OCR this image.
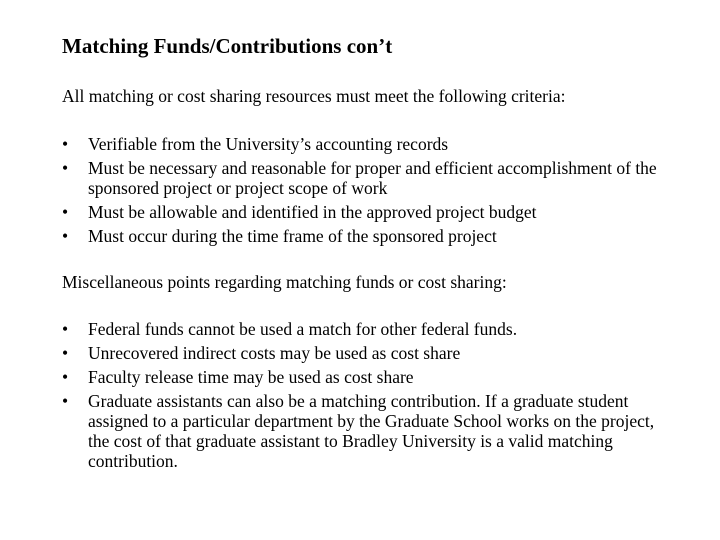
Matching Funds/Contributions con’t
All matching or cost sharing resources must meet the following criteria:
•	Verifiable from the University’s accounting records
•	Must be necessary and reasonable for proper and efficient accomplishment of the sponsored project or project scope of work
•	Must be allowable and identified in the approved project budget
•	Must occur during the time frame of the sponsored project
Miscellaneous points regarding matching funds or cost sharing:
•	Federal funds cannot be used a match for other federal funds.
•	Unrecovered indirect costs may be used as cost share
•	Faculty release time may be used as cost share
•	Graduate assistants can also be a matching contribution. If a graduate student assigned to a particular department by the Graduate School works on the project, the cost of that graduate assistant to Bradley University is a valid matching contribution.
